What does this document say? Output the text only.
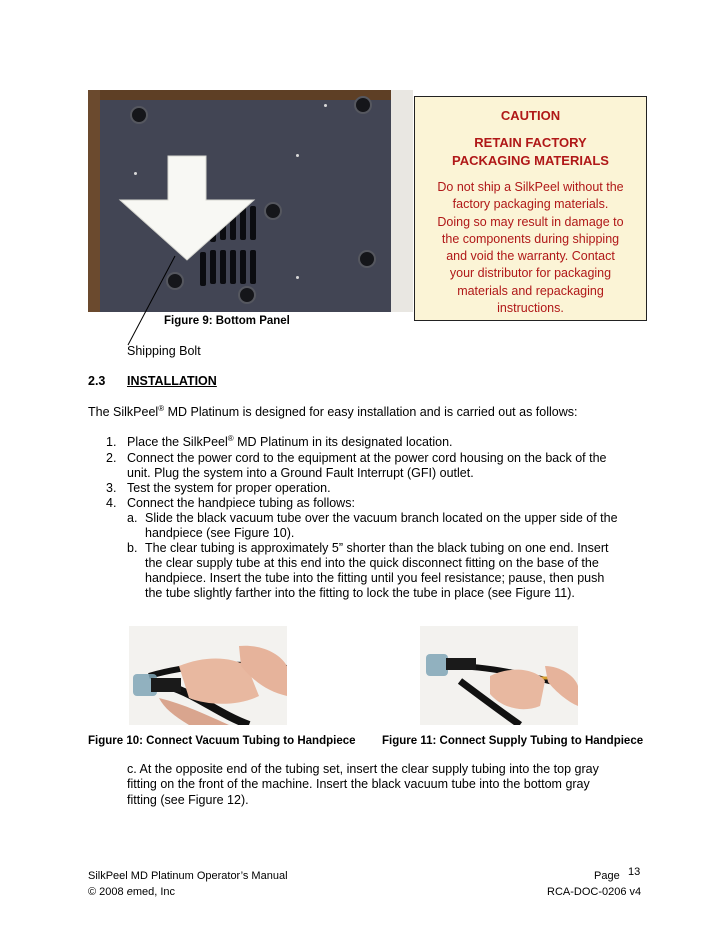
CAUTION
RETAIN FACTORY
PACKAGING MATERIALS
Do not ship a SilkPeel without the
factory packaging materials.
Doing so may result in damage to
the components during shipping
and void the warranty. Contact
your distributor for packaging
materials and repackaging
instructions.
Figure 9: Bottom Panel
Shipping Bolt
2.3 INSTALLATION
The SilkPeel® MD Platinum is designed for easy installation and is carried out as follows:
1. Place the SilkPeel® MD Platinum in its designated location.
2. Connect the power cord to the equipment at the power cord housing on the back of the
unit. Plug the system into a Ground Fault Interrupt (GFI) outlet.
3. Test the system for proper operation.
4. Connect the handpiece tubing as follows:
a. Slide the black vacuum tube over the vacuum branch located on the upper side of the
handpiece (see Figure 10).
b. The clear tubing is approximately 5” shorter than the black tubing on one end. Insert
the clear supply tube at this end into the quick disconnect fitting on the base of the
handpiece. Insert the tube into the fitting until you feel resistance; pause, then push
the tube slightly farther into the fitting to lock the tube in place (see Figure 11).
Figure 10: Connect Vacuum Tubing to Handpiece Figure 11: Connect Supply Tubing to Handpiece
c. At the opposite end of the tubing set, insert the clear supply tubing into the top gray
fitting on the front of the machine. Insert the black vacuum tube into the bottom gray
fitting (see Figure 12).
SilkPeel MD Platinum Operator’s Manual	Page 13
© 2008 emed, Inc	RCA-DOC-0206 v4
